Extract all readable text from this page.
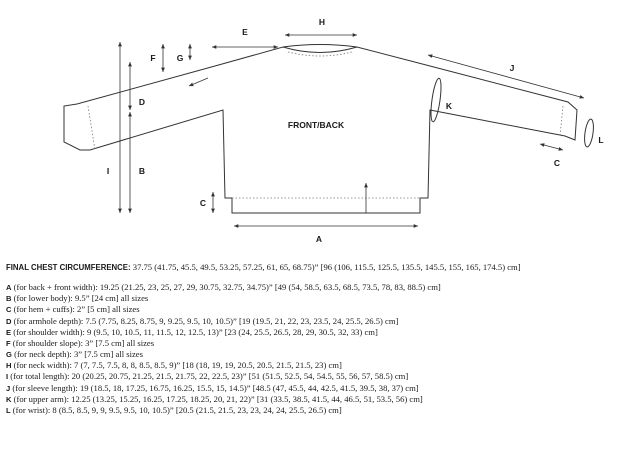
A
B
C
D
E
F G
H
I
J
K
L
C
FRONT/BACK
FINAL CHEST CIRCUMFERENCE: 37.75 (41.75, 45.5, 49.5, 53.25, 57.25, 61, 65, 68.75)” [96 (106, 115.5, 125.5, 135.5, 145.5, 155, 165, 174.5) cm]
A (for back + front width): 19.25 (21.25, 23, 25, 27, 29, 30.75, 32.75, 34.75)” [49 (54, 58.5, 63.5, 68.5, 73.5, 78, 83, 88.5) cm]
B (for lower body): 9.5” [24 cm] all sizes
C (for hem + cuffs): 2” [5 cm] all sizes
D (for armhole depth): 7.5 (7.75, 8.25, 8.75, 9, 9.25, 9.5, 10, 10.5)” [19 (19.5, 21, 22, 23, 23.5, 24, 25.5, 26.5) cm]
E (for shoulder width): 9 (9.5, 10, 10.5, 11, 11.5, 12, 12.5, 13)” [23 (24, 25.5, 26.5, 28, 29, 30.5, 32, 33) cm]
F (for shoulder slope): 3” [7.5 cm] all sizes
G (for neck depth): 3” [7.5 cm] all sizes
H (for neck width): 7 (7, 7.5, 7.5, 8, 8, 8.5, 8.5, 9)” [18 (18, 19, 19, 20.5, 20.5, 21.5, 21.5, 23) cm]
I (for total length): 20 (20.25, 20.75, 21.25, 21.5, 21.75, 22, 22.5, 23)” [51 (51.5, 52.5, 54, 54.5, 55, 56, 57, 58.5) cm]
J (for sleeve length): 19 (18.5, 18, 17.25, 16.75, 16.25, 15.5, 15, 14.5)” [48.5 (47, 45.5, 44, 42.5, 41.5, 39.5, 38, 37) cm]
K (for upper arm): 12.25 (13.25, 15.25, 16.25, 17.25, 18.25, 20, 21, 22)” [31 (33.5, 38.5, 41.5, 44, 46.5, 51, 53.5, 56) cm]
L (for wrist): 8 (8.5, 8.5, 9, 9, 9.5, 9.5, 10, 10.5)” [20.5 (21.5, 21.5, 23, 23, 24, 24, 25.5, 26.5) cm]
